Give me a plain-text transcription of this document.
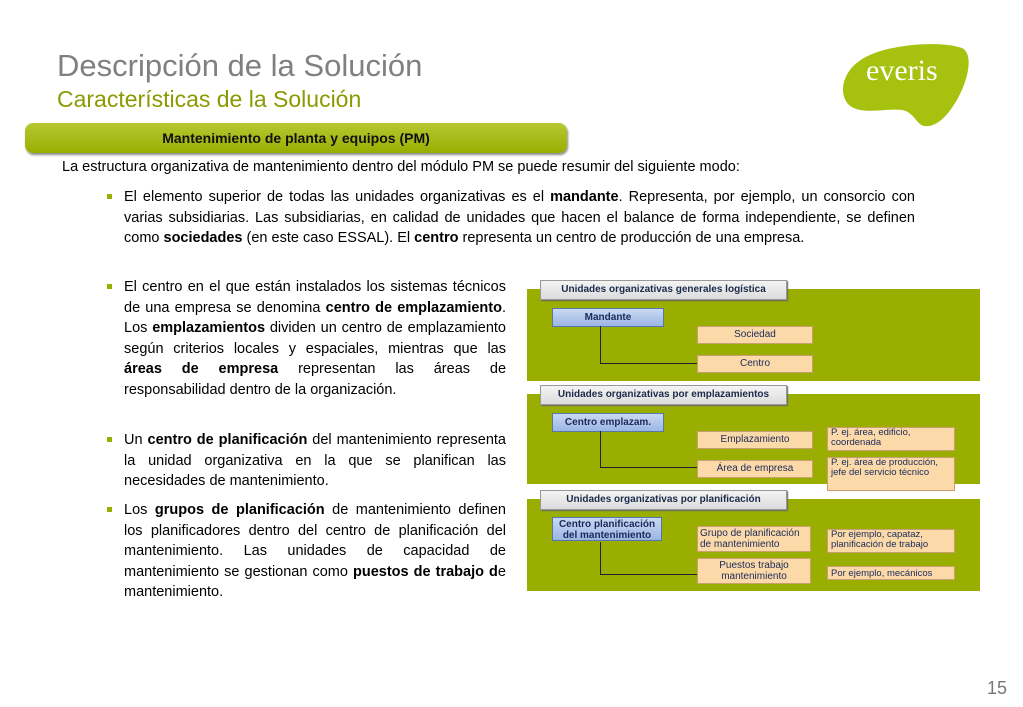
Descripción de la Solución
Características de la Solución
everis
Mantenimiento de planta y equipos (PM)
La estructura organizativa de mantenimiento dentro del módulo PM se puede resumir del siguiente modo:
El elemento superior de todas las unidades organizativas es el mandante. Representa, por ejemplo, un consorcio con varias subsidiarias. Las subsidiarias, en calidad de unidades que hacen el balance de forma independiente, se definen como sociedades (en este caso ESSAL). El centro representa un centro de producción de una empresa.
El centro en el que están instalados los sistemas técnicos de una empresa se denomina centro de emplazamiento. Los emplazamientos dividen un centro de emplazamiento según criterios locales y espaciales, mientras que las áreas de empresa representan las áreas de responsabilidad dentro de la organización.
Un centro de planificación del mantenimiento representa la unidad organizativa en la que se planifican las necesidades de mantenimiento.
Los grupos de planificación de mantenimiento definen los planificadores dentro del centro de planificación del mantenimiento. Las unidades de capacidad de mantenimiento se gestionan como puestos de trabajo de mantenimiento.
Unidades organizativas generales logística
Mandante
Sociedad
Centro
Unidades organizativas por emplazamientos
Centro emplazam.
Emplazamiento
Área de empresa
P. ej. área, edificio, coordenada
P. ej. área de producción, jefe del servicio técnico
Unidades organizativas por planificación
Centro planificación del mantenimiento	Grupo de planificación de mantenimiento
Puestos trabajo mantenimiento
Por ejemplo, capataz, planificación de trabajo
Por ejemplo, mecánicos
15
